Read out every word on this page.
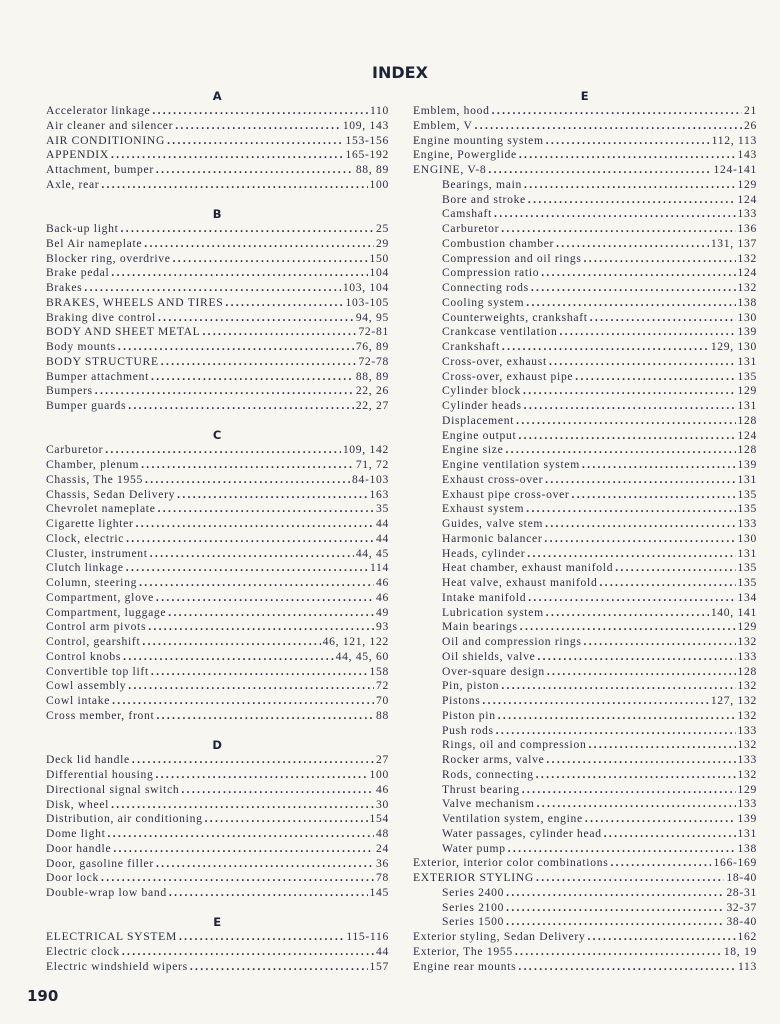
INDEX
A
Accelerator linkage . . .	110
Air cleaner and silencer . . .	109, 143
AIR CONDITIONING . . .	153-156
APPENDIX . . .	165-192
Attachment, bumper . . .	88, 89
Axle, rear . . .	100
B
Back-up light . . .	25
Bel Air nameplate . . .	29
Blocker ring, overdrive . . .	150
Brake pedal . . .	104
Brakes . . .	103, 104
BRAKES, WHEELS AND TIRES . . .	103-105
Braking dive control . . .	94, 95
BODY AND SHEET METAL . . .	72-81
Body mounts . . .	76, 89
BODY STRUCTURE . . .	72-78
Bumper attachment . . .	88, 89
Bumpers . . .	22, 26
Bumper guards . . .	22, 27
C
Carburetor . . .	109, 142
Chamber, plenum . . .	71, 72
Chassis, The 1955 . . .	84-103
Chassis, Sedan Delivery . . .	163
Chevrolet nameplate . . .	35
Cigarette lighter . . .	44
Clock, electric . . .	44
Cluster, instrument . . .	44, 45
Clutch linkage . . .	114
Column, steering . . .	46
Compartment, glove . . .	46
Compartment, luggage . . .	49
Control arm pivots . . .	93
Control, gearshift . . .	46, 121, 122
Control knobs . . .	44, 45, 60
Convertible top lift . . .	158
Cowl assembly . . .	72
Cowl intake . . .	70
Cross member, front . . .	88
D
Deck lid handle . . .	27
Differential housing . . .	100
Directional signal switch . . .	46
Disk, wheel . . .	30
Distribution, air conditioning . . .	154
Dome light . . .	48
Door handle . . .	24
Door, gasoline filler . . .	36
Door lock . . .	78
Double-wrap low band . . .	145
E
ELECTRICAL SYSTEM . . .	115-116
Electric clock . . .	44
Electric windshield wipers . . .	157
E
Emblem, hood . . .	21
Emblem, V . . .	26
Engine mounting system . . .	112, 113
Engine, Powerglide . . .	143
ENGINE, V-8 . . .	124-141
Bearings, main . . .	129
Bore and stroke . . .	124
Camshaft . . .	133
Carburetor . . .	136
Combustion chamber . . .	131, 137
Compression and oil rings . . .	132
Compression ratio . . .	124
Connecting rods . . .	132
Cooling system . . .	138
Counterweights, crankshaft . . .	130
Crankcase ventilation . . .	139
Crankshaft . . .	129, 130
Cross-over, exhaust . . .	131
Cross-over, exhaust pipe . . .	135
Cylinder block . . .	129
Cylinder heads . . .	131
Displacement . . .	128
Engine output . . .	124
Engine size . . .	128
Engine ventilation system . . .	139
Exhaust cross-over . . .	131
Exhaust pipe cross-over . . .	135
Exhaust system . . .	135
Guides, valve stem . . .	133
Harmonic balancer . . .	130
Heads, cylinder . . .	131
Heat chamber, exhaust manifold . . .	135
Heat valve, exhaust manifold . . .	135
Intake manifold . . .	134
Lubrication system . . .	140, 141
Main bearings . . .	129
Oil and compression rings . . .	132
Oil shields, valve . . .	133
Over-square design . . .	128
Pin, piston . . .	132
Pistons . . .	127, 132
Piston pin . . .	132
Push rods . . .	133
Rings, oil and compression . . .	132
Rocker arms, valve . . .	133
Rods, connecting . . .	132
Thrust bearing . . .	129
Valve mechanism . . .	133
Ventilation system, engine . . .	139
Water passages, cylinder head . . .	131
Water pump . . .	138
Exterior, interior color combinations . . .	166-169
EXTERIOR STYLING . . .	18-40
Series 2400 . . .	28-31
Series 2100 . . .	32-37
Series 1500 . . .	38-40
Exterior styling, Sedan Delivery . . .	162
Exterior, The 1955 . . .	18, 19
Engine rear mounts . . .	113
190
